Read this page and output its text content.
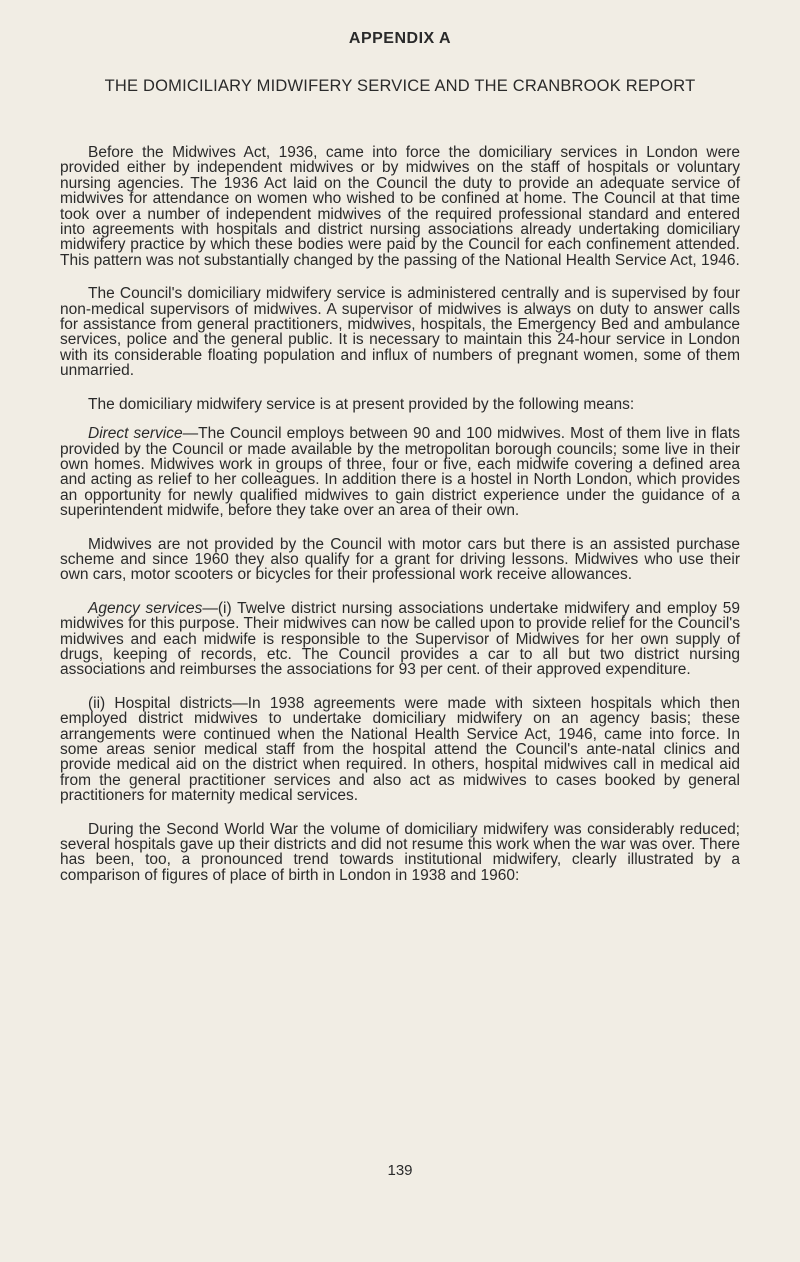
APPENDIX A
THE DOMICILIARY MIDWIFERY SERVICE AND THE CRANBROOK REPORT

Before the Midwives Act, 1936, came into force the domiciliary services in London were provided either by independent midwives or by midwives on the staff of hospitals or voluntary nursing agencies. The 1936 Act laid on the Council the duty to provide an adequate service of midwives for attendance on women who wished to be confined at home. The Council at that time took over a number of independent midwives of the required professional standard and entered into agreements with hospitals and district nursing associations already undertaking domiciliary midwifery practice by which these bodies were paid by the Council for each confinement attended. This pattern was not substantially changed by the passing of the National Health Service Act, 1946.

The Council's domiciliary midwifery service is administered centrally and is supervised by four non-medical supervisors of midwives. A supervisor of midwives is always on duty to answer calls for assistance from general practitioners, midwives, hospitals, the Emergency Bed and ambulance services, police and the general public. It is necessary to maintain this 24-hour service in London with its considerable floating population and influx of numbers of pregnant women, some of them unmarried.

The domiciliary midwifery service is at present provided by the following means:

Direct service—The Council employs between 90 and 100 midwives. Most of them live in flats provided by the Council or made available by the metropolitan borough councils; some live in their own homes. Midwives work in groups of three, four or five, each midwife covering a defined area and acting as relief to her colleagues. In addition there is a hostel in North London, which provides an opportunity for newly qualified midwives to gain district experience under the guidance of a superintendent midwife, before they take over an area of their own.

Midwives are not provided by the Council with motor cars but there is an assisted purchase scheme and since 1960 they also qualify for a grant for driving lessons. Midwives who use their own cars, motor scooters or bicycles for their professional work receive allowances.

Agency services—(i) Twelve district nursing associations undertake midwifery and employ 59 midwives for this purpose. Their midwives can now be called upon to provide relief for the Council's midwives and each midwife is responsible to the Supervisor of Midwives for her own supply of drugs, keeping of records, etc. The Council provides a car to all but two district nursing associations and reimburses the associations for 93 per cent. of their approved expenditure.

(ii) Hospital districts—In 1938 agreements were made with sixteen hospitals which then employed district midwives to undertake domiciliary midwifery on an agency basis; these arrangements were continued when the National Health Service Act, 1946, came into force. In some areas senior medical staff from the hospital attend the Council's ante-natal clinics and provide medical aid on the district when required. In others, hospital midwives call in medical aid from the general practitioner services and also act as midwives to cases booked by general practitioners for maternity medical services.

During the Second World War the volume of domiciliary midwifery was considerably reduced; several hospitals gave up their districts and did not resume this work when the war was over. There has been, too, a pronounced trend towards institutional midwifery, clearly illustrated by a comparison of figures of place of birth in London in 1938 and 1960:

139
